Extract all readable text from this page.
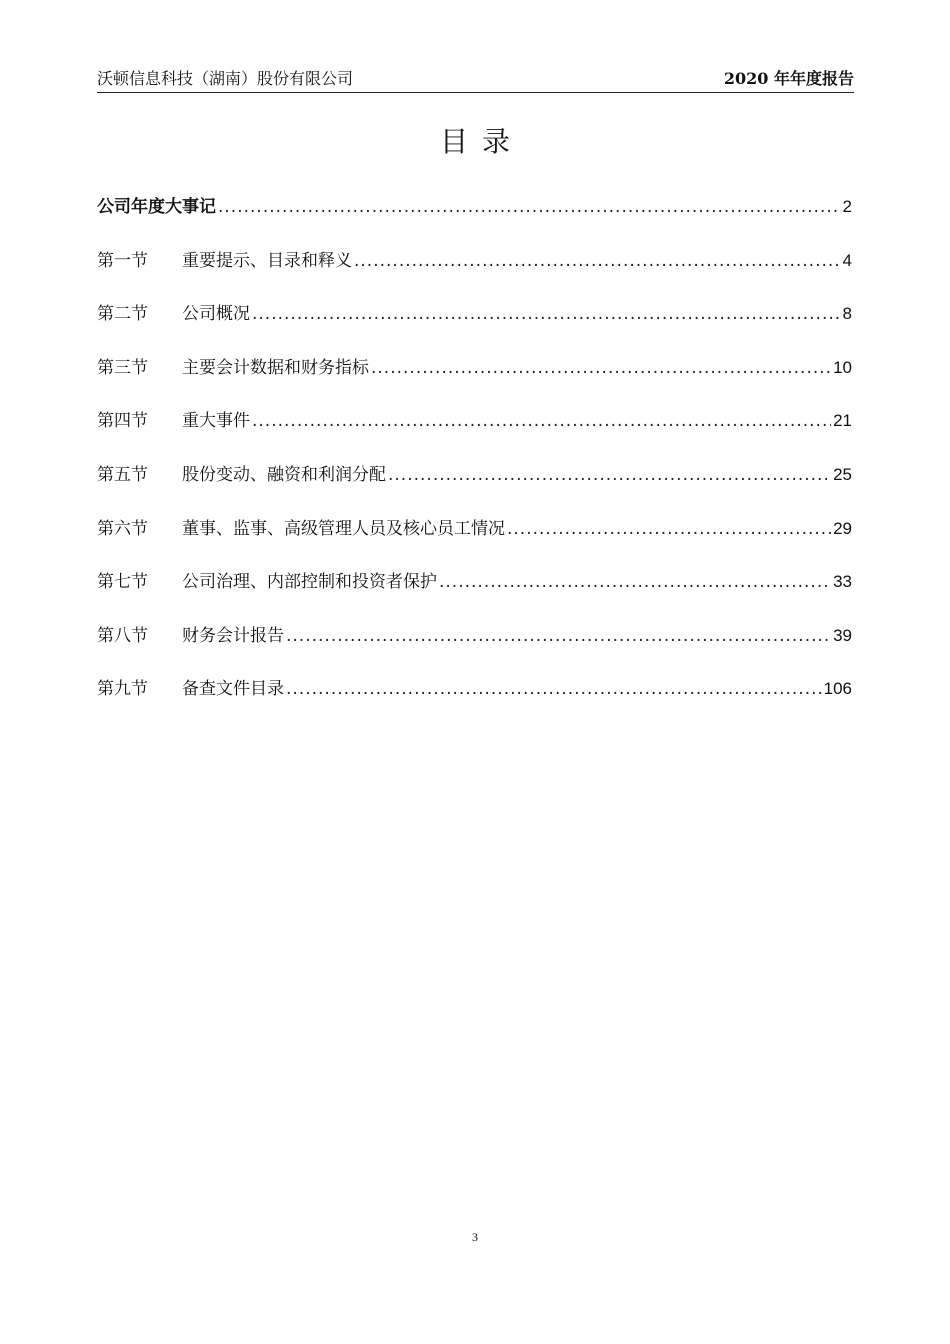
沃顿信息科技（湖南）股份有限公司	2020 年年度报告
目录
公司年度大事记 .....	2
第一节	重要提示、目录和释义 .....	4
第二节	公司概况 .....	8
第三节	主要会计数据和财务指标 .....	10
第四节	重大事件 .....	21
第五节	股份变动、融资和利润分配 .....	25
第六节	董事、监事、高级管理人员及核心员工情况 .....	29
第七节	公司治理、内部控制和投资者保护 .....	33
第八节	财务会计报告 .....	39
第九节	备查文件目录 .....	106
3
